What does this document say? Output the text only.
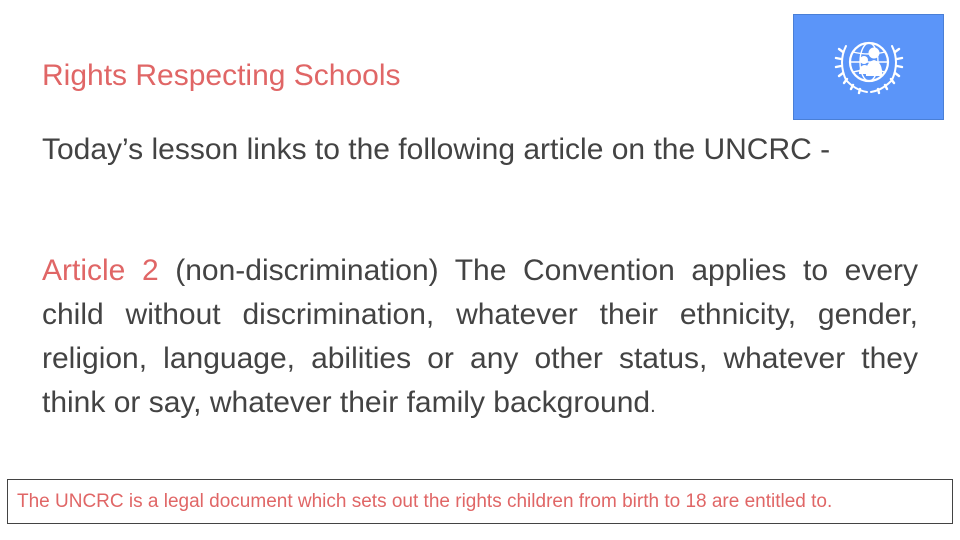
Rights Respecting Schools
Today’s lesson links to the following article on the UNCRC -
Article 2 (non-discrimination) The Convention applies to every child without discrimination, whatever their ethnicity, gender, religion, language, abilities or any other status, whatever they think or say, whatever their family background.
The UNCRC is a legal document which sets out the rights children from birth to 18 are entitled to.
